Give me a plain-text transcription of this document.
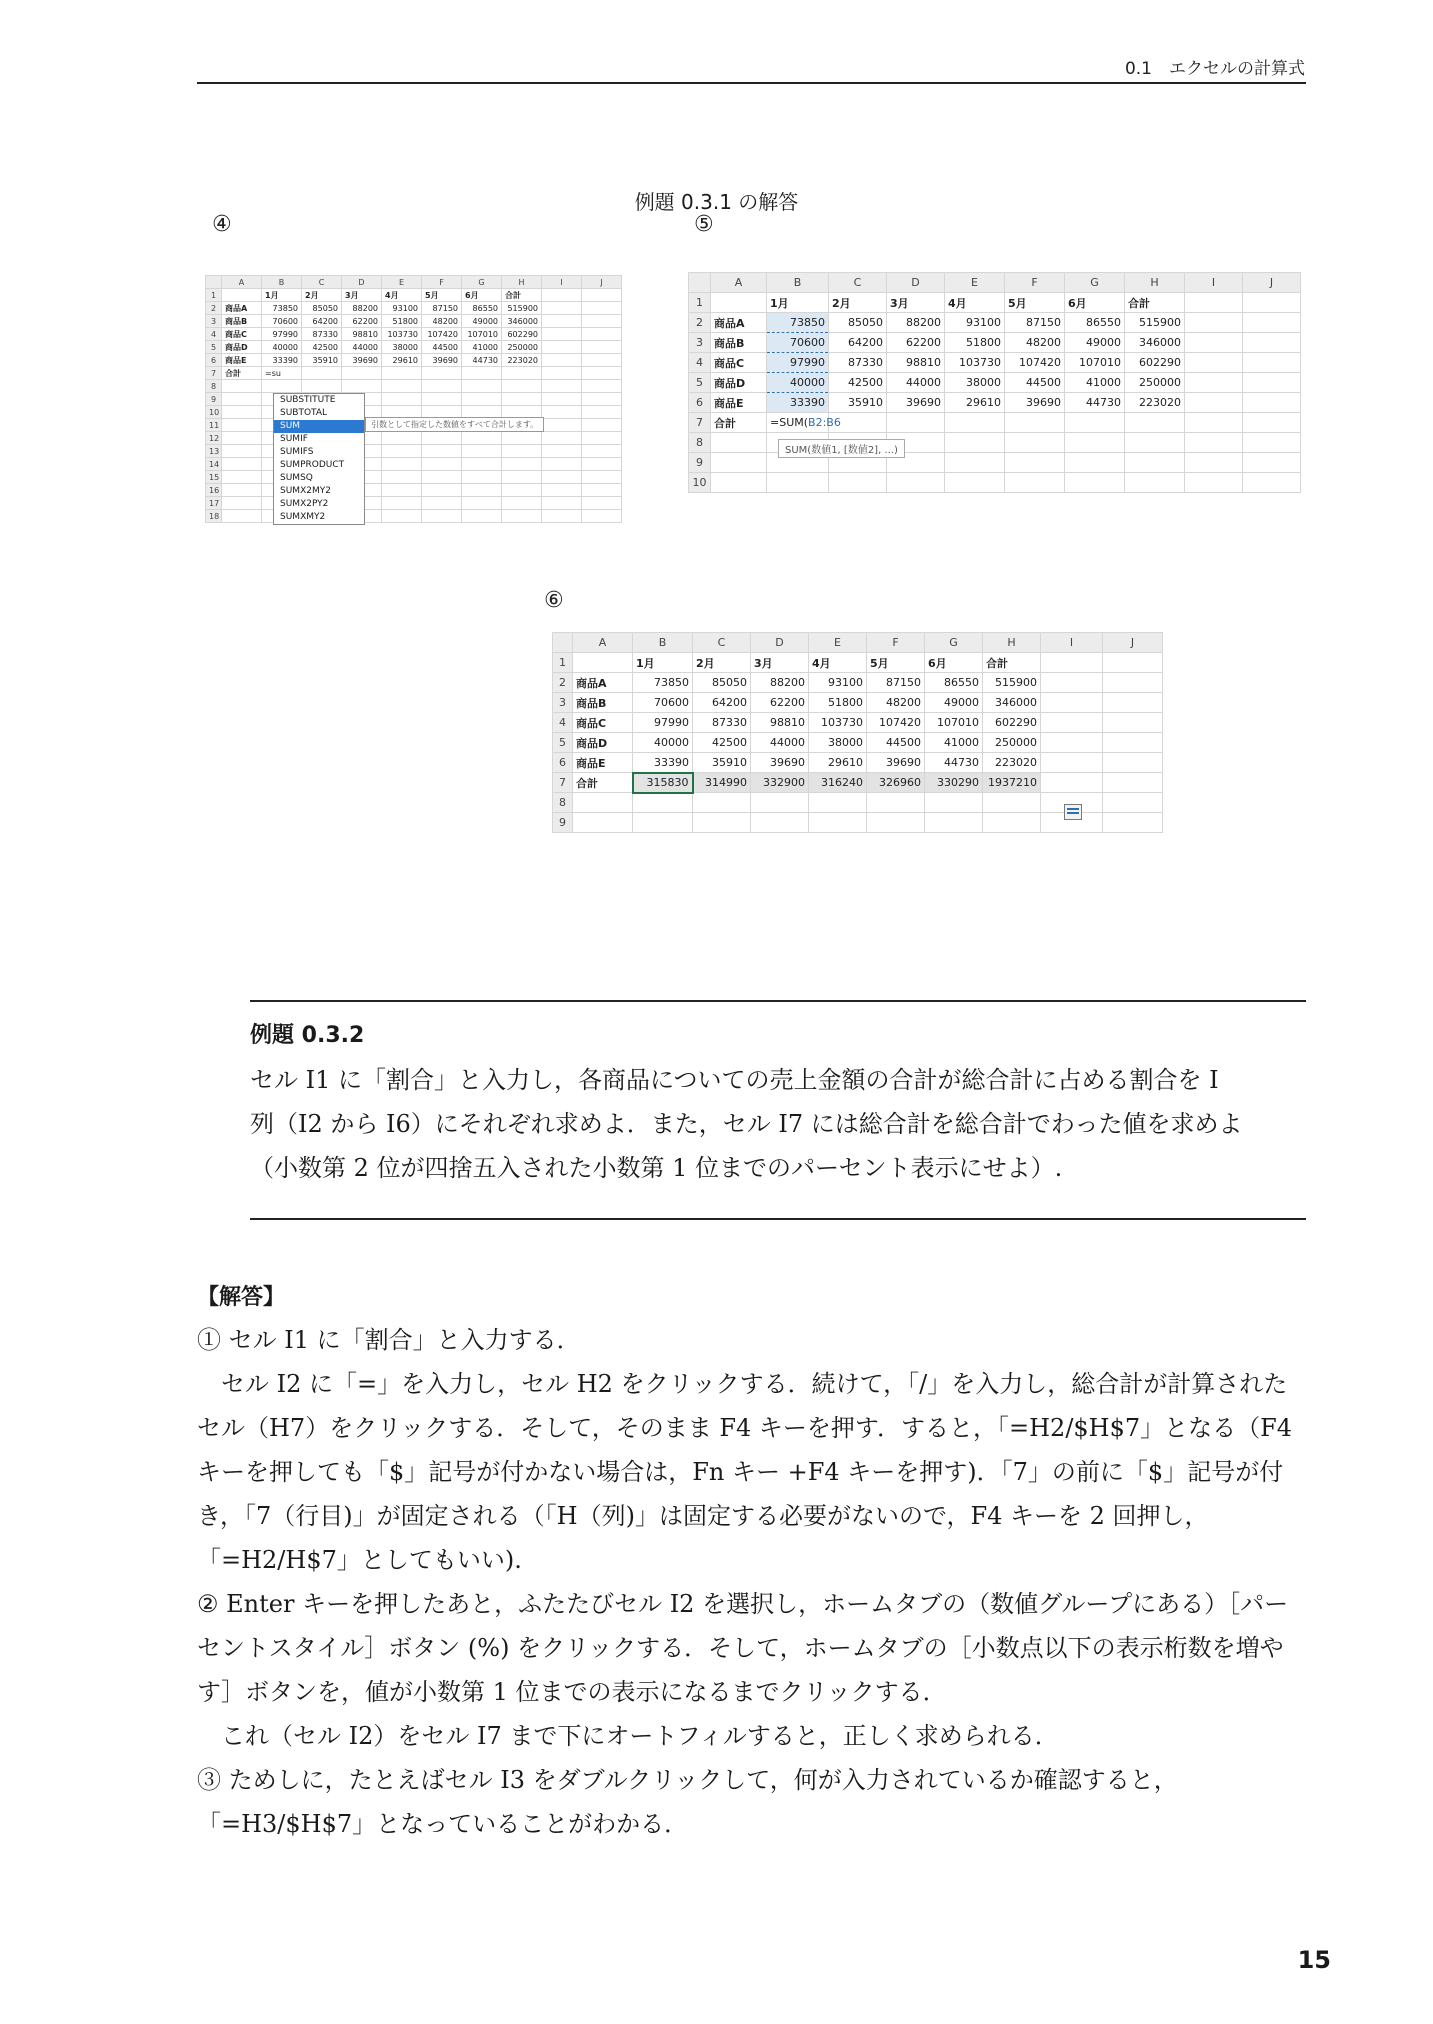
0.1　エクセルの計算式
例題 0.3.1 の解答
④	⑤
⑥
	A	B	C	D	E	F	G	H	I	J
1		1月	2月	3月	4月	5月	6月	合計		
2	商品A	73850	85050	88200	93100	87150	86550	515900		
3	商品B	70600	64200	62200	51800	48200	49000	346000		
4	商品C	97990	87330	98810	103730	107420	107010	602290		
5	商品D	40000	42500	44000	38000	44500	41000	250000		
6	商品E	33390	35910	39690	29610	39690	44730	223020		
7	合計	=su								
8										
9										
10										
11										
12										
13										
14										
15										
16										
17										
18										
SUBSTITUTE
SUBTOTAL
SUM
SUMIF
SUMIFS
SUMPRODUCT
SUMSQ
SUMX2MY2
SUMX2PY2
SUMXMY2
引数として指定した数値をすべて合計します。
	A	B	C	D	E	F	G	H	I	J
1		1月	2月	3月	4月	5月	6月	合計		
2	商品A	73850	85050	88200	93100	87150	86550	515900		
3	商品B	70600	64200	62200	51800	48200	49000	346000		
4	商品C	97990	87330	98810	103730	107420	107010	602290		
5	商品D	40000	42500	44000	38000	44500	41000	250000		
6	商品E	33390	35910	39690	29610	39690	44730	223020		
7	合計	=SUM(B2:B6								
8										
9										
10										
SUM(数値1, [数値2], ...)
	A	B	C	D	E	F	G	H	I	J
1		1月	2月	3月	4月	5月	6月	合計		
2	商品A	73850	85050	88200	93100	87150	86550	515900		
3	商品B	70600	64200	62200	51800	48200	49000	346000		
4	商品C	97990	87330	98810	103730	107420	107010	602290		
5	商品D	40000	42500	44000	38000	44500	41000	250000		
6	商品E	33390	35910	39690	29610	39690	44730	223020		
7	合計	315830	314990	332900	316240	326960	330290	1937210		
8										
9										
例題 0.3.2
セル I1 に「割合」と入力し，各商品についての売上金額の合計が総合計に占める割合を I
列（I2 から I6）にそれぞれ求めよ．また，セル I7 には総合計を総合計でわった値を求めよ
（小数第 2 位が四捨五入された小数第 1 位までのパーセント表示にせよ）.
【解答】

① セル I1 に「割合」と入力する．

セル I2 に「=」を入力し，セル H2 をクリックする．続けて，「/」を入力し，総合計が計算されたセル（H7）をクリックする．そして，そのまま F4 キーを押す．すると，「=H2/$H$7」となる（F4 キーを押しても「$」記号が付かない場合は，Fn キー +F4 キーを押す)．「7」の前に「$」記号が付き，「7（行目)」が固定される（「H（列)」は固定する必要がないので，F4 キーを 2 回押し，「=H2/H$7」としてもいい).

② Enter キーを押したあと，ふたたびセル I2 を選択し，ホームタブの（数値グループにある）［パーセントスタイル］ボタン (%) をクリックする．そして，ホームタブの［小数点以下の表示桁数を増やす］ボタンを，値が小数第 1 位までの表示になるまでクリックする．

これ（セル I2）をセル I7 まで下にオートフィルすると，正しく求められる．

③ ためしに，たとえばセル I3 をダブルクリックして，何が入力されているか確認すると，「=H3/$H$7」となっていることがわかる．

15
